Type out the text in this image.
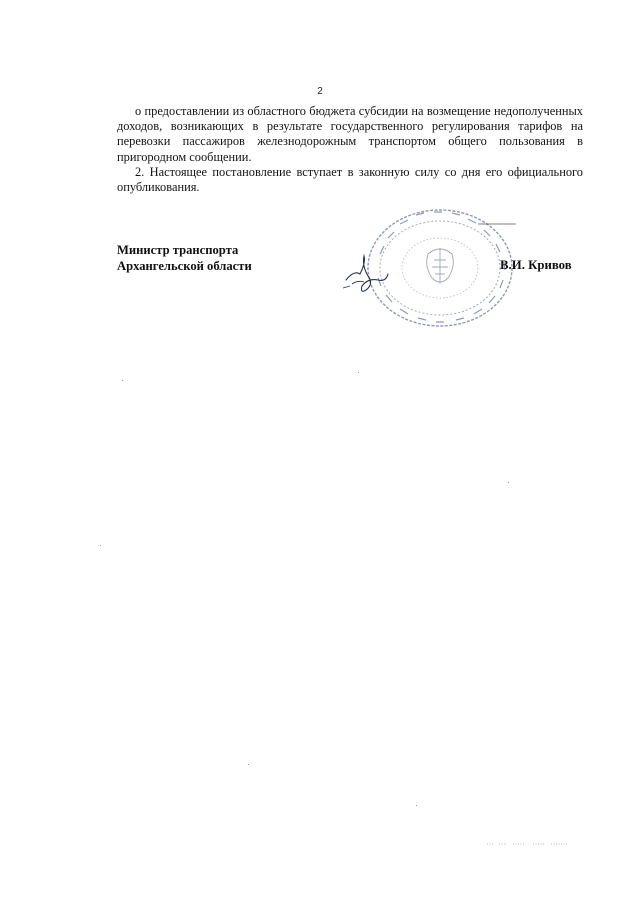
2

о предоставлении из областного бюджета субсидии на возмещение недополученных доходов, возникающих в результате государственного регулирования тарифов на перевозки пассажиров железнодорожным транспортом общего пользования в пригородном сообщении.

2. Настоящее постановление вступает в законную силу со дня его официального опубликования.

Министр транспорта
Архангельской области	В.И. Кривов
